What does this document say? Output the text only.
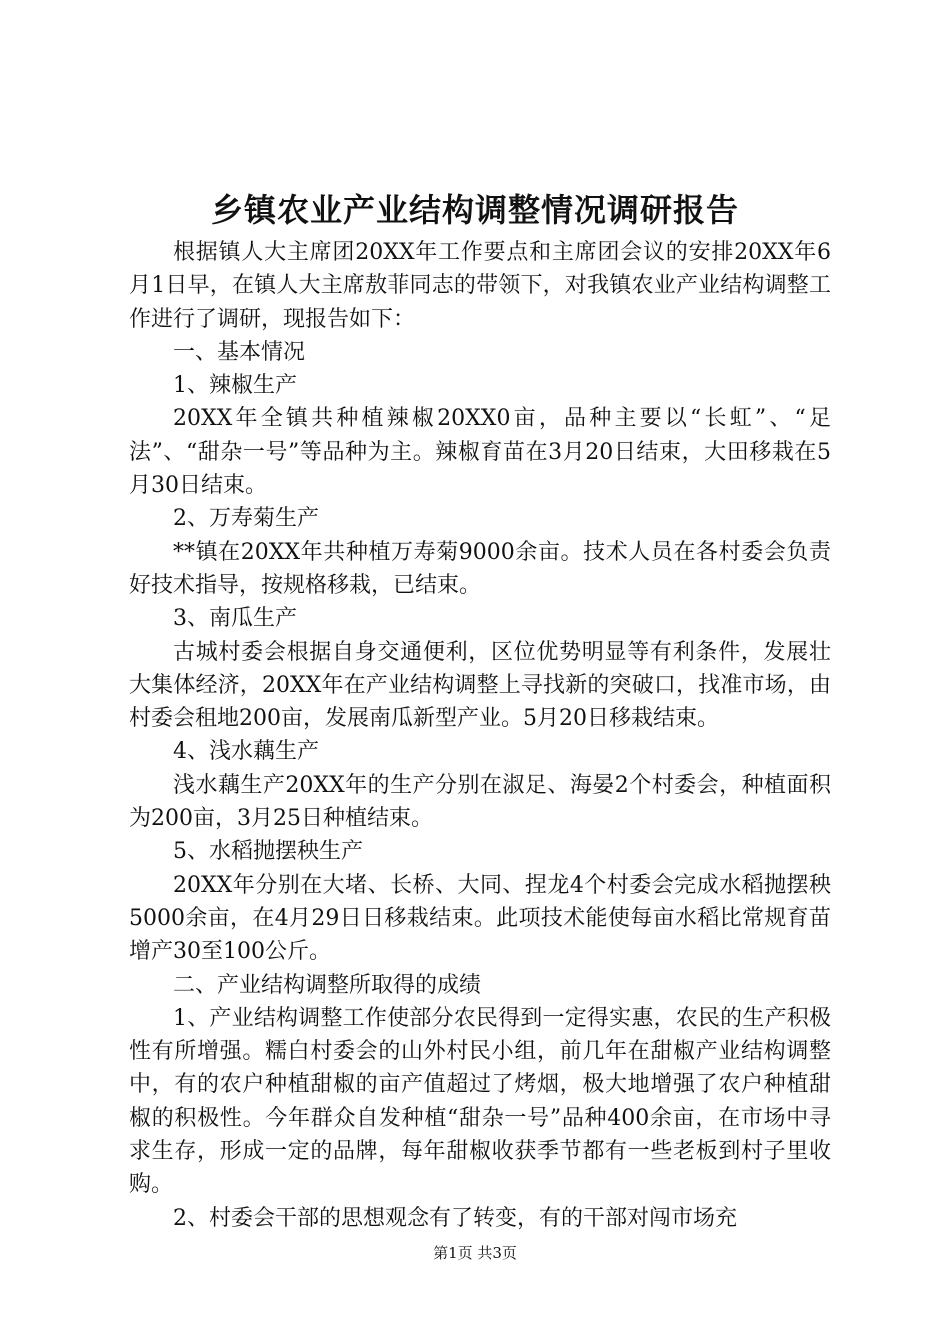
乡镇农业产业结构调整情况调研报告

根据镇人大主席团20XX年工作要点和主席团会议的安排20XX年6月1日早，在镇人大主席敖菲同志的带领下，对我镇农业产业结构调整工作进行了调研，现报告如下：

一、基本情况

1、辣椒生产

20XX年全镇共种植辣椒20XX0亩，品种主要以“长虹”、“足法”、“甜杂一号”等品种为主。辣椒育苗在3月20日结束，大田移栽在5月30日结束。

2、万寿菊生产

**镇在20XX年共种植万寿菊9000余亩。技术人员在各村委会负责好技术指导，按规格移栽，已结束。

3、南瓜生产

古城村委会根据自身交通便利，区位优势明显等有利条件，发展壮大集体经济，20XX年在产业结构调整上寻找新的突破口，找准市场，由村委会租地200亩，发展南瓜新型产业。5月20日移栽结束。

4、浅水藕生产

浅水藕生产20XX年的生产分别在淑足、海晏2个村委会，种植面积为200亩，3月25日种植结束。

5、水稻抛摆秧生产

20XX年分别在大堵、长桥、大同、捏龙4个村委会完成水稻抛摆秧5000余亩，在4月29日日移栽结束。此项技术能使每亩水稻比常规育苗增产30至100公斤。

二、产业结构调整所取得的成绩

1、产业结构调整工作使部分农民得到一定得实惠，农民的生产积极性有所增强。糯白村委会的山外村民小组，前几年在甜椒产业结构调整中，有的农户种植甜椒的亩产值超过了烤烟，极大地增强了农户种植甜椒的积极性。今年群众自发种植“甜杂一号”品种400余亩，在市场中寻求生存，形成一定的品牌，每年甜椒收获季节都有一些老板到村子里收购。

2、村委会干部的思想观念有了转变，有的干部对闯市场充

第1页 共3页
